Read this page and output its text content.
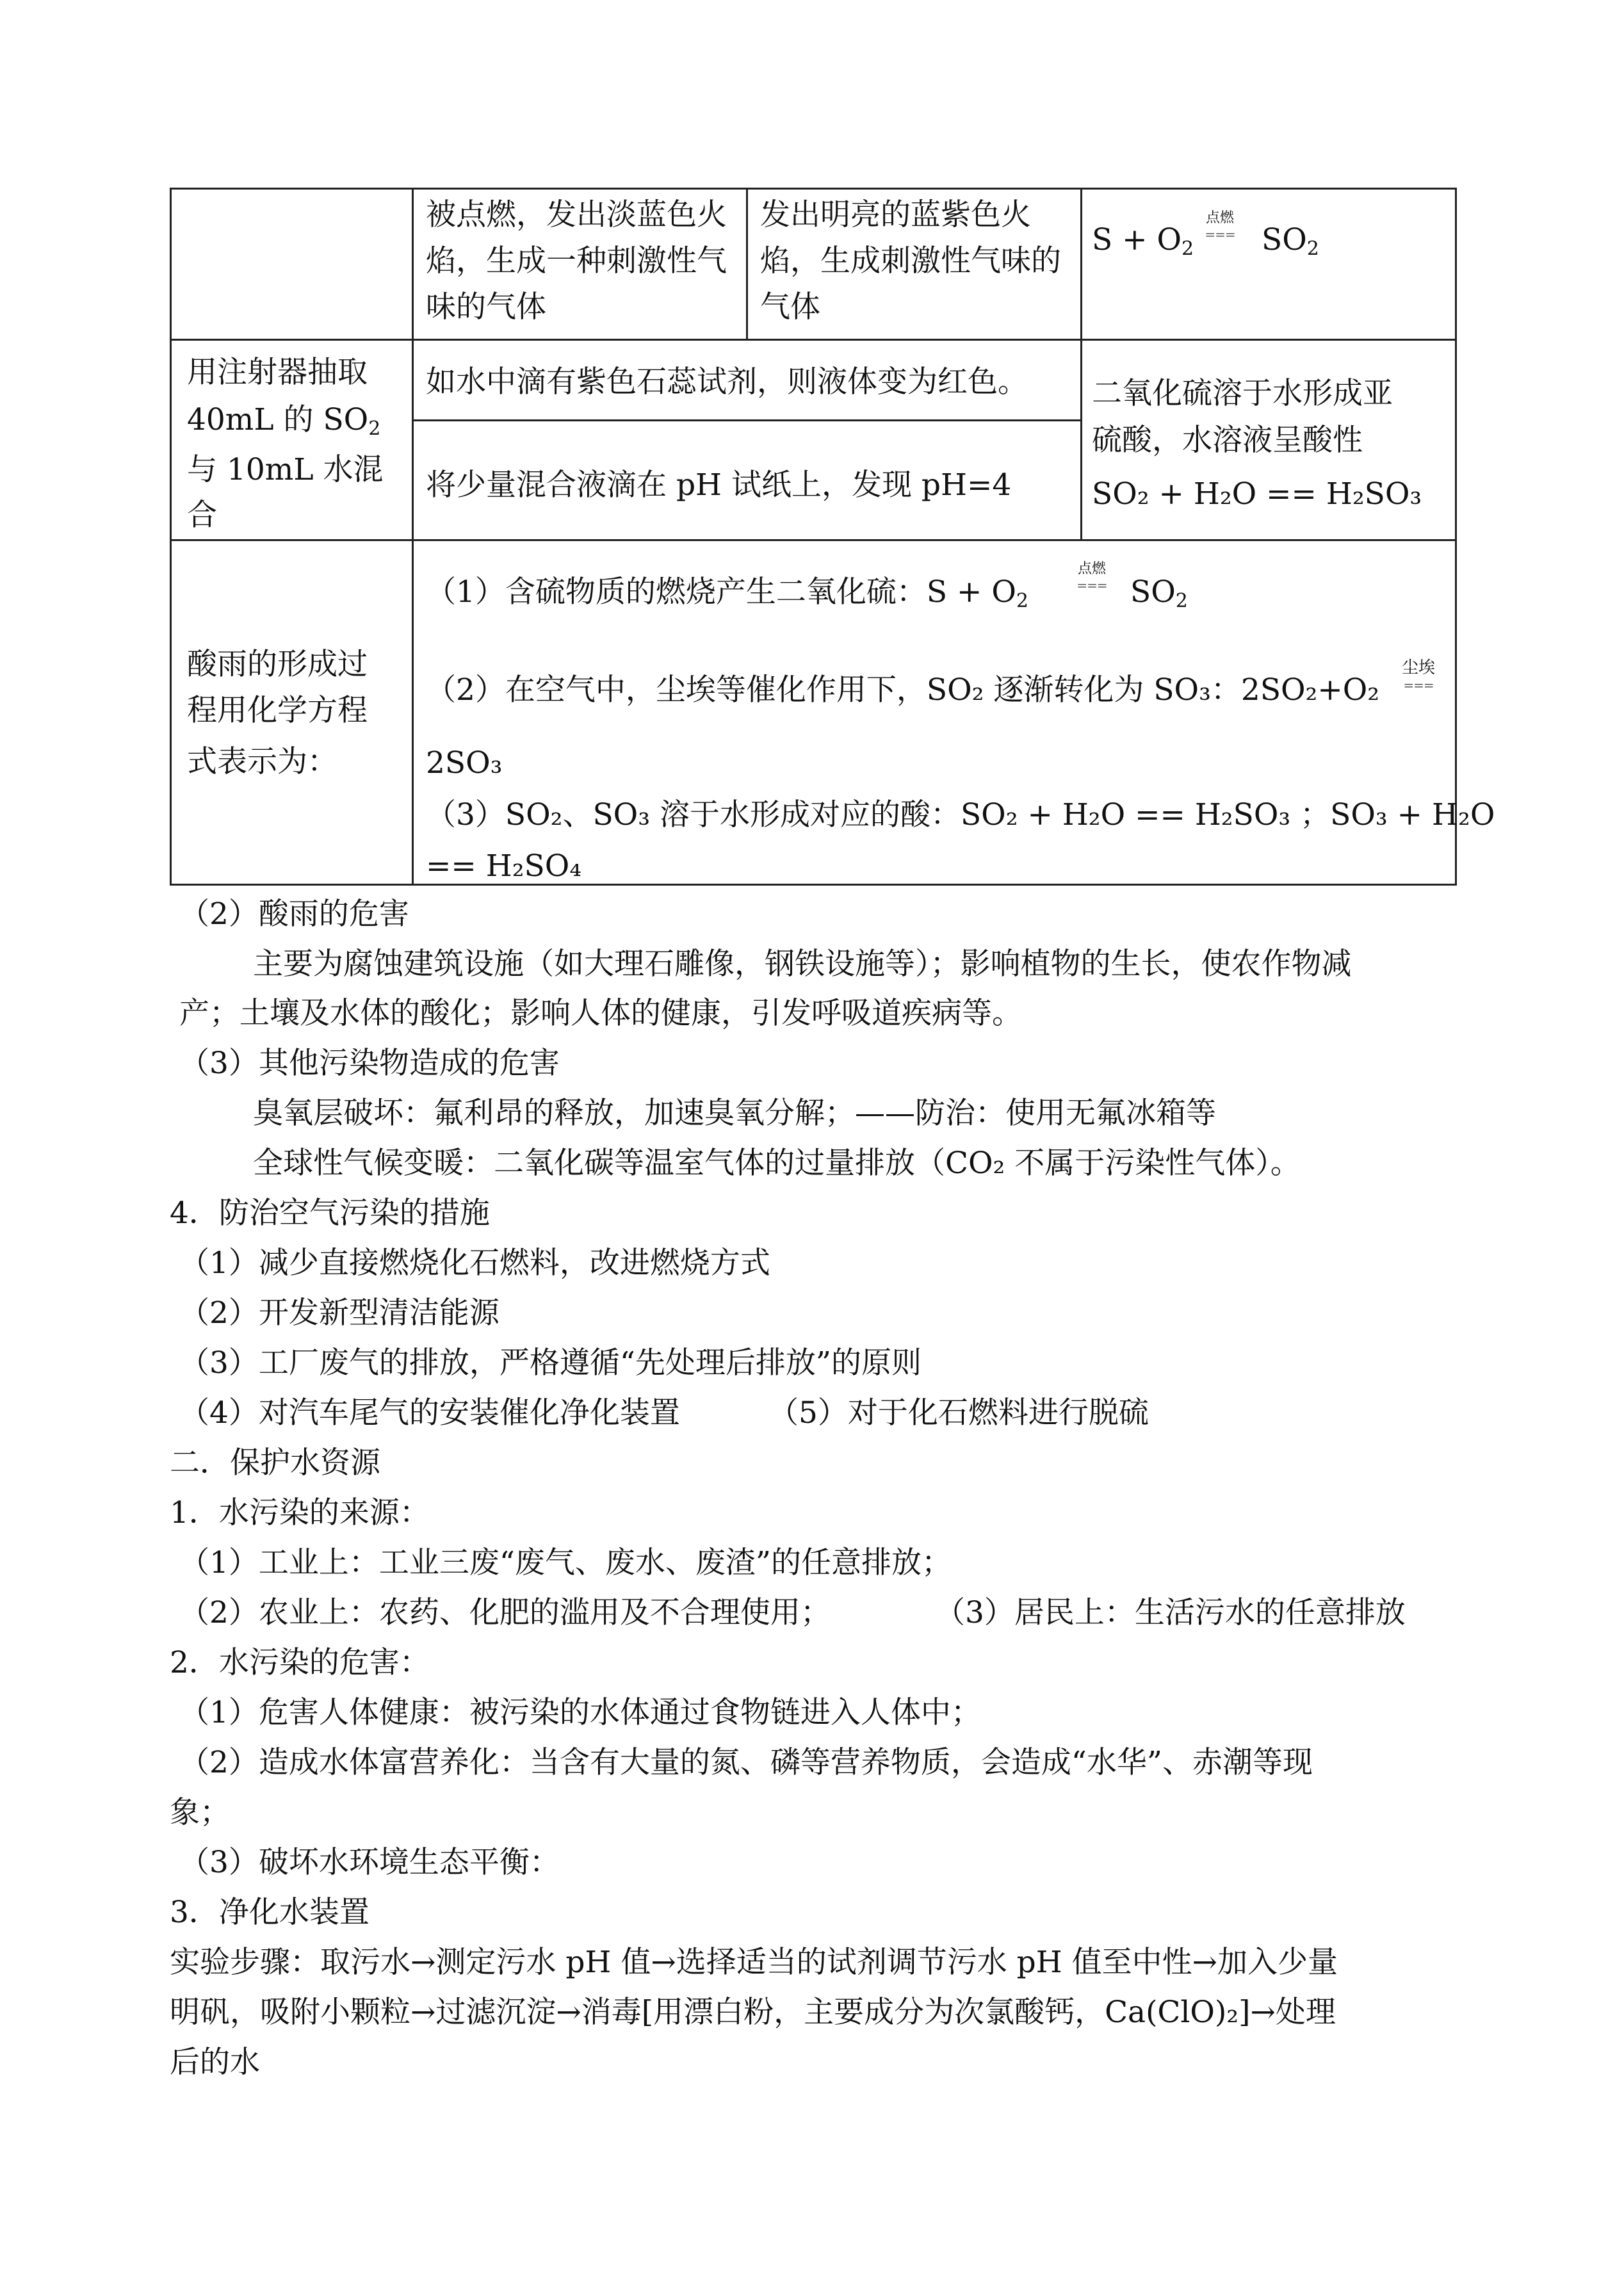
被点燃，发出淡蓝色火焰，生成一种刺激性气味的气体
发出明亮的蓝紫色火焰，生成刺激性气味的气体
$S + O_2$
点燃
=== $SO_2$
用注射器抽取
40mL 的 $SO_2$
与 10mL 水混
合
如水中滴有紫色石蕊试剂，则液体变为红色。
将少量混合液滴在 pH 试纸上，发现 pH=4
二氧化硫溶于水形成亚
硫酸，水溶液呈酸性
SO₂ + H₂O == H₂SO₃
酸雨的形成过
程用化学方程
式表示为：
（1）含硫物质的燃烧产生二氧化硫：$S + O_2$
点燃
=== $SO_2$
（2）在空气中，尘埃等催化作用下，SO₂ 逐渐转化为 SO₃：2SO₂+O₂
尘埃
===
2SO₃
（3）SO₂、SO₃ 溶于水形成对应的酸：SO₂ + H₂O == H₂SO₃ ；SO₃ + H₂O
== H₂SO₄
（2）酸雨的危害
主要为腐蚀建筑设施（如大理石雕像，钢铁设施等）；影响植物的生长，使农作物减
产；土壤及水体的酸化；影响人体的健康，引发呼吸道疾病等。
（3）其他污染物造成的危害
臭氧层破坏：氟利昂的释放，加速臭氧分解；——防治：使用无氟冰箱等
全球性气候变暖：二氧化碳等温室气体的过量排放（CO₂ 不属于污染性气体）。
4．防治空气污染的措施
（1）减少直接燃烧化石燃料，改进燃烧方式
（2）开发新型清洁能源
（3）工厂废气的排放，严格遵循“先处理后排放”的原则
（4）对汽车尾气的安装催化净化装置	（5）对于化石燃料进行脱硫
二．保护水资源
1．水污染的来源：
（1）工业上：工业三废“废气、废水、废渣”的任意排放；
（2）农业上：农药、化肥的滥用及不合理使用；	（3）居民上：生活污水的任意排放
2．水污染的危害：
（1）危害人体健康：被污染的水体通过食物链进入人体中；
（2）造成水体富营养化：当含有大量的氮、磷等营养物质，会造成“水华”、赤潮等现
象；
（3）破坏水环境生态平衡：
3．净化水装置
实验步骤：取污水→测定污水 pH 值→选择适当的试剂调节污水 pH 值至中性→加入少量
明矾，吸附小颗粒→过滤沉淀→消毒[用漂白粉，主要成分为次氯酸钙，Ca(ClO)₂]→处理
后的水
